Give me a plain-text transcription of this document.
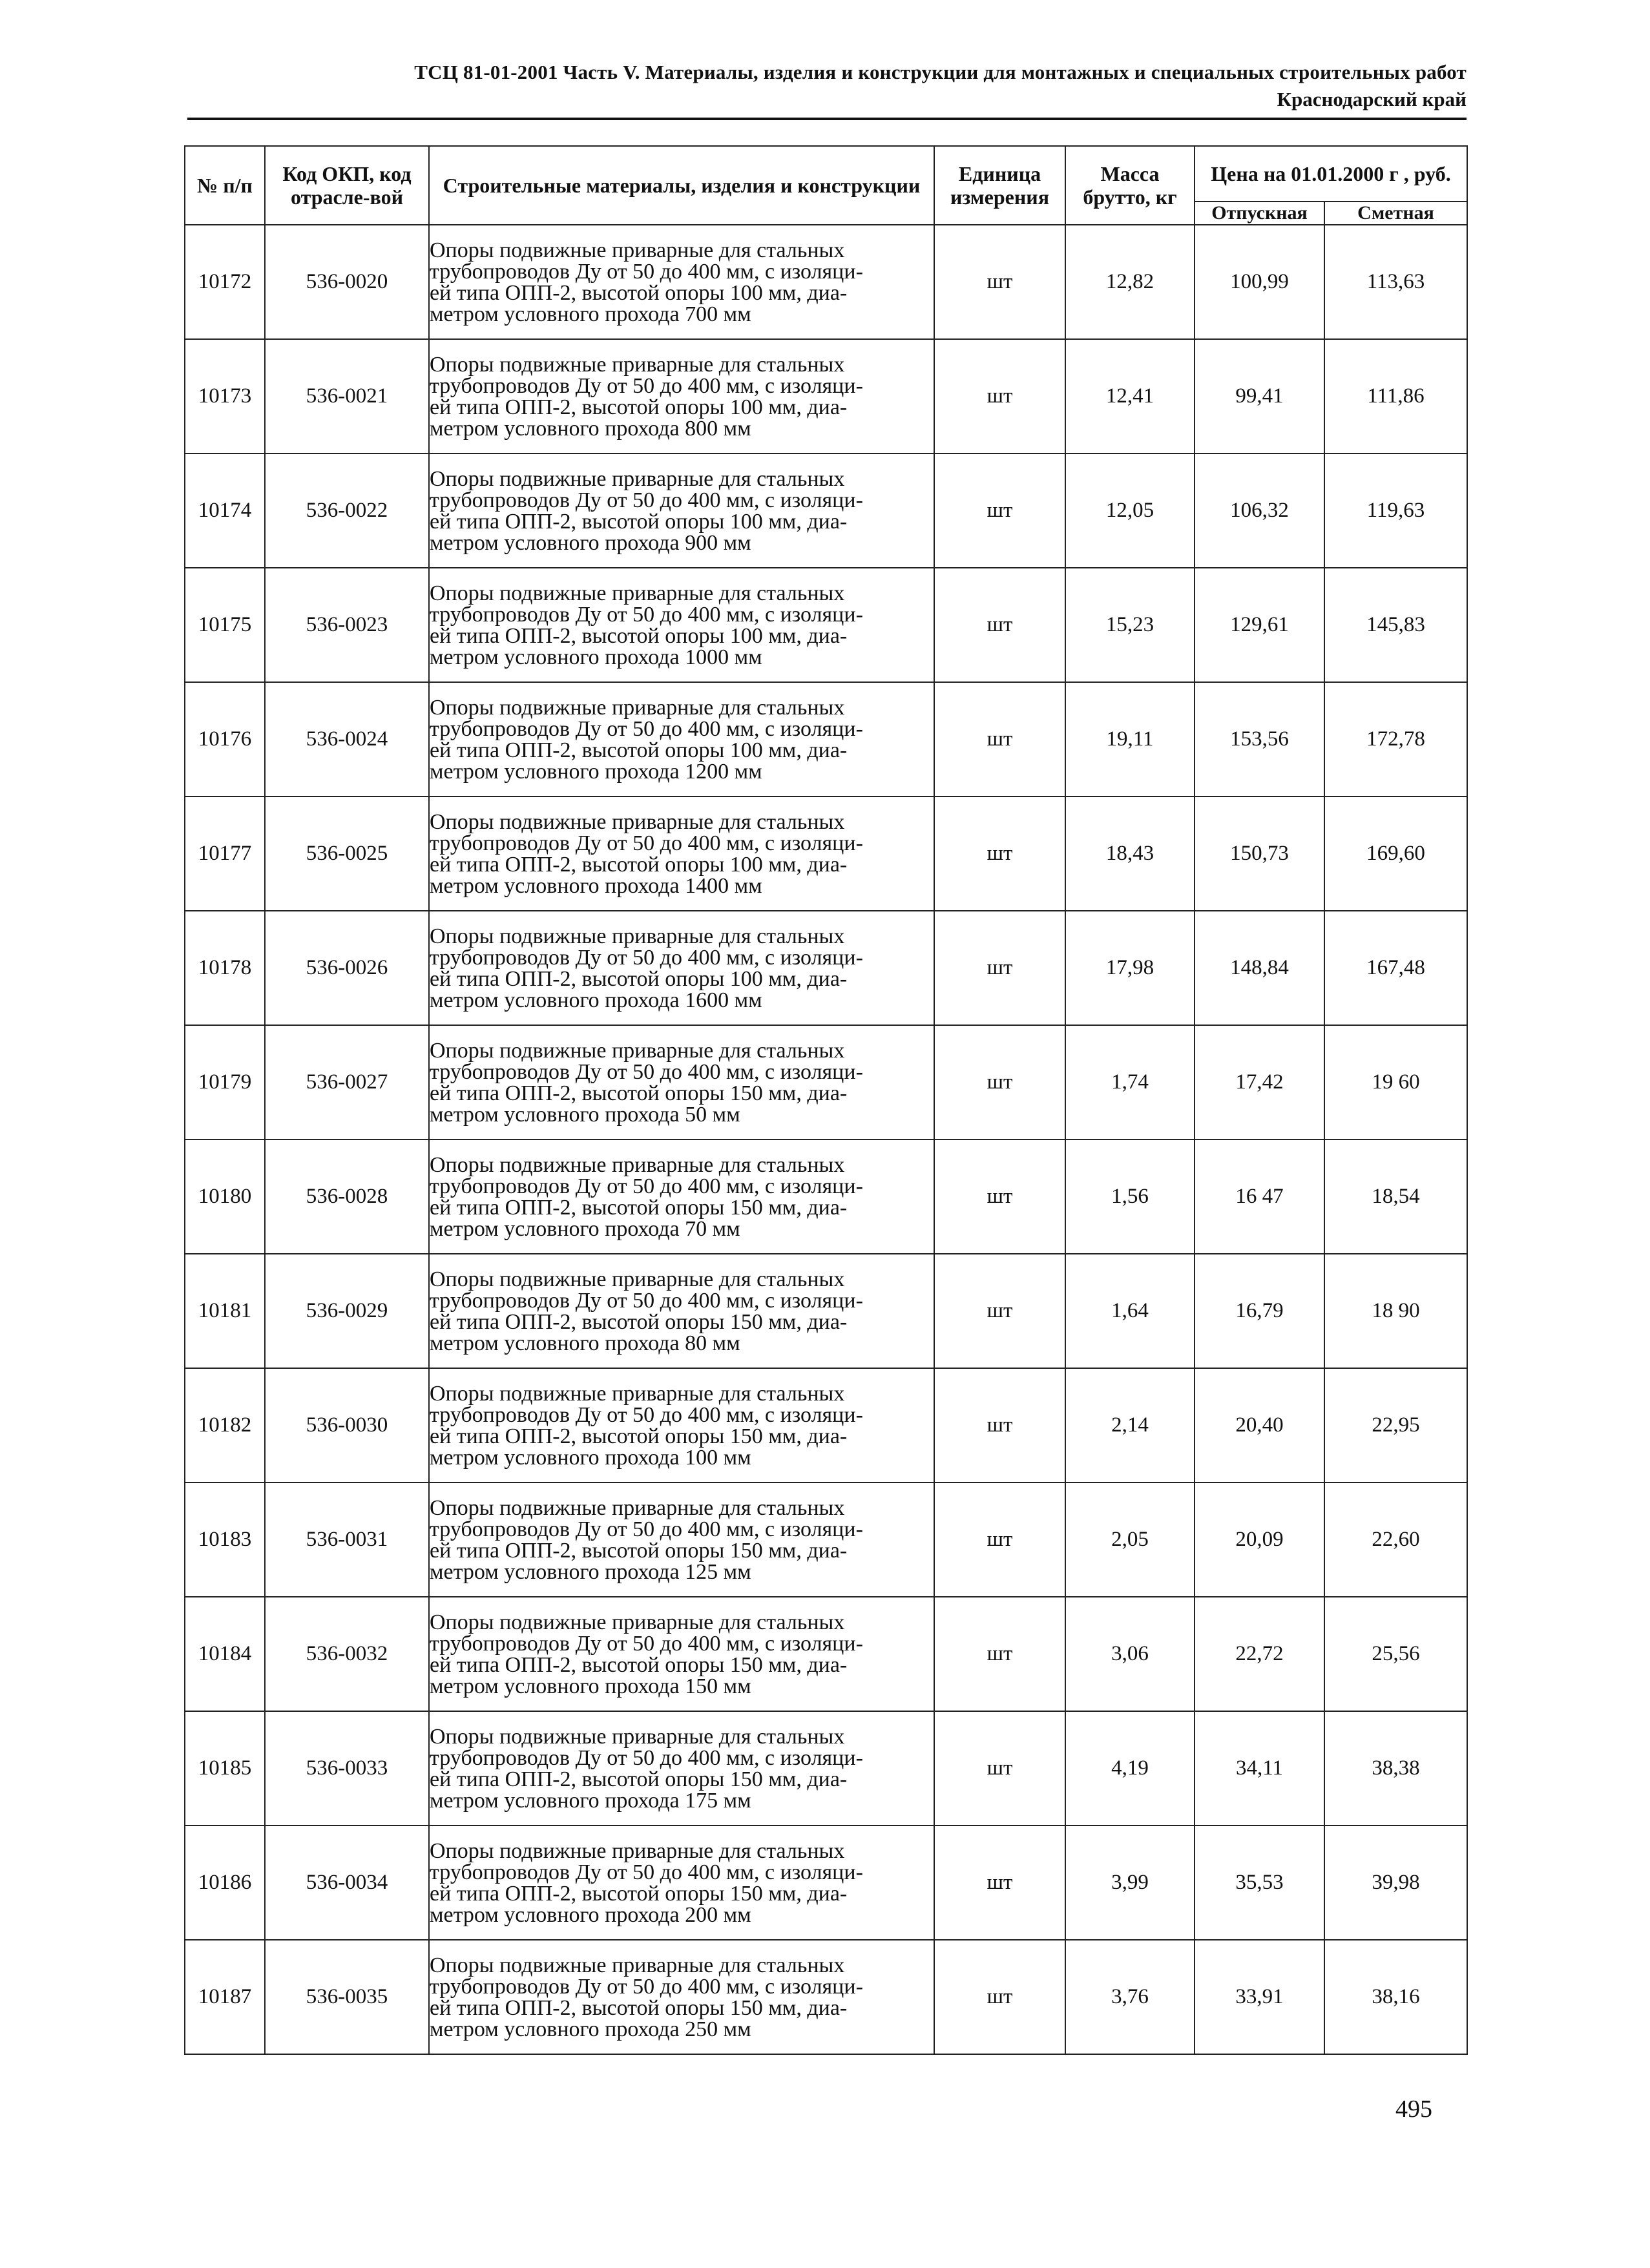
ТСЦ 81-01-2001 Часть V. Материалы, изделия и конструкции для монтажных и специальных строительных работ
Краснодарский край
№ п/п	Код ОКП, код отрасле-вой	Строительные материалы, изделия и конструкции	Единица измерения	Масса брутто, кг	Цена на 01.01.2000 г , руб.	
					Отпускная	Сметная
10172	536-0020	Опоры подвижные приварные для стальных
трубопроводов Ду от 50 до 400 мм, с изоляци-
ей типа ОПП-2, высотой опоры 100 мм, диа-
метром условного прохода 700 мм	шт	12,82	100,99	113,63
10173	536-0021	Опоры подвижные приварные для стальных
трубопроводов Ду от 50 до 400 мм, с изоляци-
ей типа ОПП-2, высотой опоры 100 мм, диа-
метром условного прохода 800 мм	шт	12,41	99,41	111,86
10174	536-0022	Опоры подвижные приварные для стальных
трубопроводов Ду от 50 до 400 мм, с изоляци-
ей типа ОПП-2, высотой опоры 100 мм, диа-
метром условного прохода 900 мм	шт	12,05	106,32	119,63
10175	536-0023	Опоры подвижные приварные для стальных
трубопроводов Ду от 50 до 400 мм, с изоляци-
ей типа ОПП-2, высотой опоры 100 мм, диа-
метром условного прохода 1000 мм	шт	15,23	129,61	145,83
10176	536-0024	Опоры подвижные приварные для стальных
трубопроводов Ду от 50 до 400 мм, с изоляци-
ей типа ОПП-2, высотой опоры 100 мм, диа-
метром условного прохода 1200 мм	шт	19,11	153,56	172,78
10177	536-0025	Опоры подвижные приварные для стальных
трубопроводов Ду от 50 до 400 мм, с изоляци-
ей типа ОПП-2, высотой опоры 100 мм, диа-
метром условного прохода 1400 мм	шт	18,43	150,73	169,60
10178	536-0026	Опоры подвижные приварные для стальных
трубопроводов Ду от 50 до 400 мм, с изоляци-
ей типа ОПП-2, высотой опоры 100 мм, диа-
метром условного прохода 1600 мм	шт	17,98	148,84	167,48
10179	536-0027	Опоры подвижные приварные для стальных
трубопроводов Ду от 50 до 400 мм, с изоляци-
ей типа ОПП-2, высотой опоры 150 мм, диа-
метром условного прохода 50 мм	шт	1,74	17,42	19 60
10180	536-0028	Опоры подвижные приварные для стальных
трубопроводов Ду от 50 до 400 мм, с изоляци-
ей типа ОПП-2, высотой опоры 150 мм, диа-
метром условного прохода 70 мм	шт	1,56	16 47	18,54
10181	536-0029	Опоры подвижные приварные для стальных
трубопроводов Ду от 50 до 400 мм, с изоляци-
ей типа ОПП-2, высотой опоры 150 мм, диа-
метром условного прохода 80 мм	шт	1,64	16,79	18 90
10182	536-0030	Опоры подвижные приварные для стальных
трубопроводов Ду от 50 до 400 мм, с изоляци-
ей типа ОПП-2, высотой опоры 150 мм, диа-
метром условного прохода 100 мм	шт	2,14	20,40	22,95
10183	536-0031	Опоры подвижные приварные для стальных
трубопроводов Ду от 50 до 400 мм, с изоляци-
ей типа ОПП-2, высотой опоры 150 мм, диа-
метром условного прохода 125 мм	шт	2,05	20,09	22,60
10184	536-0032	Опоры подвижные приварные для стальных
трубопроводов Ду от 50 до 400 мм, с изоляци-
ей типа ОПП-2, высотой опоры 150 мм, диа-
метром условного прохода 150 мм	шт	3,06	22,72	25,56
10185	536-0033	Опоры подвижные приварные для стальных
трубопроводов Ду от 50 до 400 мм, с изоляци-
ей типа ОПП-2, высотой опоры 150 мм, диа-
метром условного прохода 175 мм	шт	4,19	34,11	38,38
10186	536-0034	Опоры подвижные приварные для стальных
трубопроводов Ду от 50 до 400 мм, с изоляци-
ей типа ОПП-2, высотой опоры 150 мм, диа-
метром условного прохода 200 мм	шт	3,99	35,53	39,98
10187	536-0035	Опоры подвижные приварные для стальных
трубопроводов Ду от 50 до 400 мм, с изоляци-
ей типа ОПП-2, высотой опоры 150 мм, диа-
метром условного прохода 250 мм	шт	3,76	33,91	38,16
495
